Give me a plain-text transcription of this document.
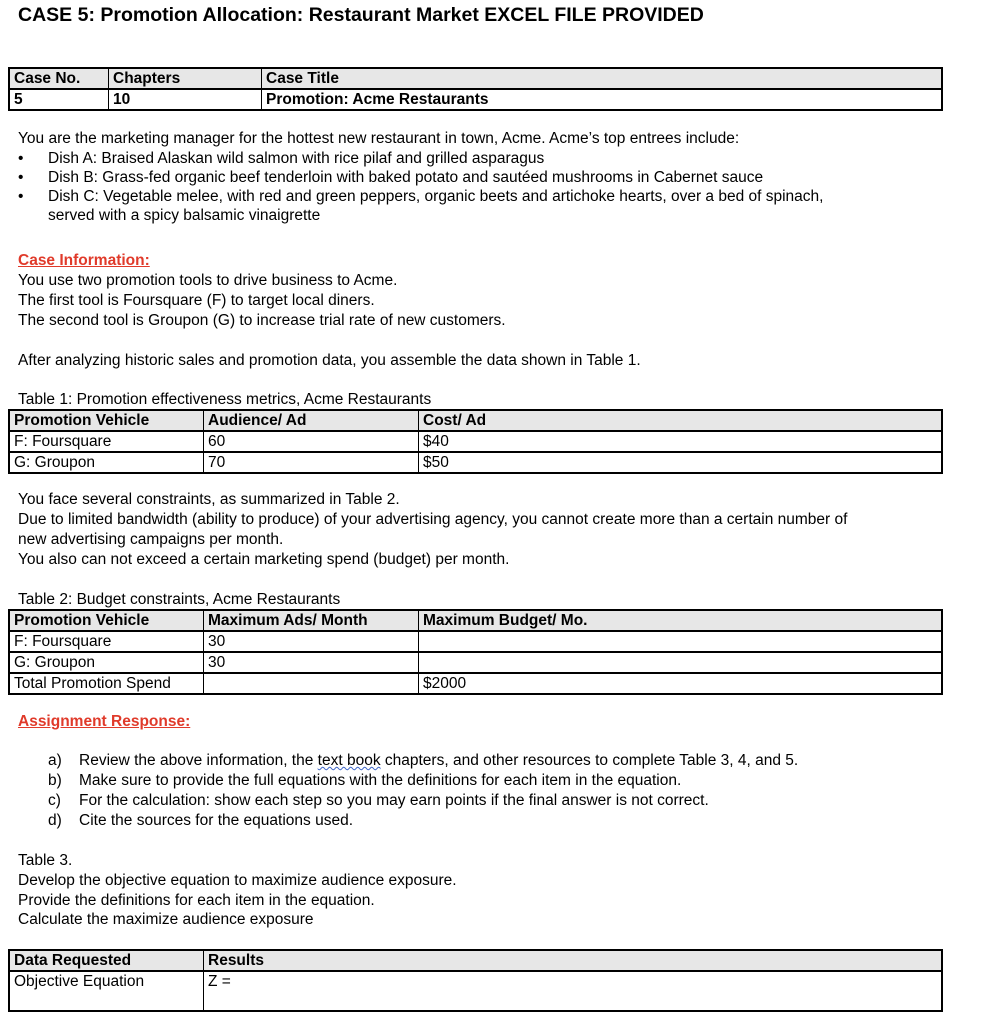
CASE 5: Promotion Allocation: Restaurant Market EXCEL FILE PROVIDED
Case No.	Chapters	Case Title
5	10	Promotion: Acme Restaurants
You are the marketing manager for the hottest new restaurant in town, Acme. Acme’s top entrees include:
• Dish A: Braised Alaskan wild salmon with rice pilaf and grilled asparagus
• Dish B: Grass-fed organic beef tenderloin with baked potato and sautéed mushrooms in Cabernet sauce
• Dish C: Vegetable melee, with red and green peppers, organic beets and artichoke hearts, over a bed of spinach,
served with a spicy balsamic vinaigrette
Case Information:
You use two promotion tools to drive business to Acme.
The first tool is Foursquare (F) to target local diners.
The second tool is Groupon (G) to increase trial rate of new customers.
After analyzing historic sales and promotion data, you assemble the data shown in Table 1.
Table 1: Promotion effectiveness metrics, Acme Restaurants
Promotion Vehicle	Audience/ Ad	Cost/ Ad
F: Foursquare	60	$40
G: Groupon	70	$50
You face several constraints, as summarized in Table 2.
Due to limited bandwidth (ability to produce) of your advertising agency, you cannot create more than a certain number of
new advertising campaigns per month.
You also can not exceed a certain marketing spend (budget) per month.
Table 2: Budget constraints, Acme Restaurants
Promotion Vehicle	Maximum Ads/ Month	Maximum Budget/ Mo.
F: Foursquare	30	
G: Groupon	30	
Total Promotion Spend		$2000
Assignment Response:
a) Review the above information, the text book chapters, and other resources to complete Table 3, 4, and 5.
b) Make sure to provide the full equations with the definitions for each item in the equation.
c) For the calculation: show each step so you may earn points if the final answer is not correct.
d) Cite the sources for the equations used.
Table 3.
Develop the objective equation to maximize audience exposure.
Provide the definitions for each item in the equation.
Calculate the maximize audience exposure
Data Requested	Results
Objective Equation	Z =
